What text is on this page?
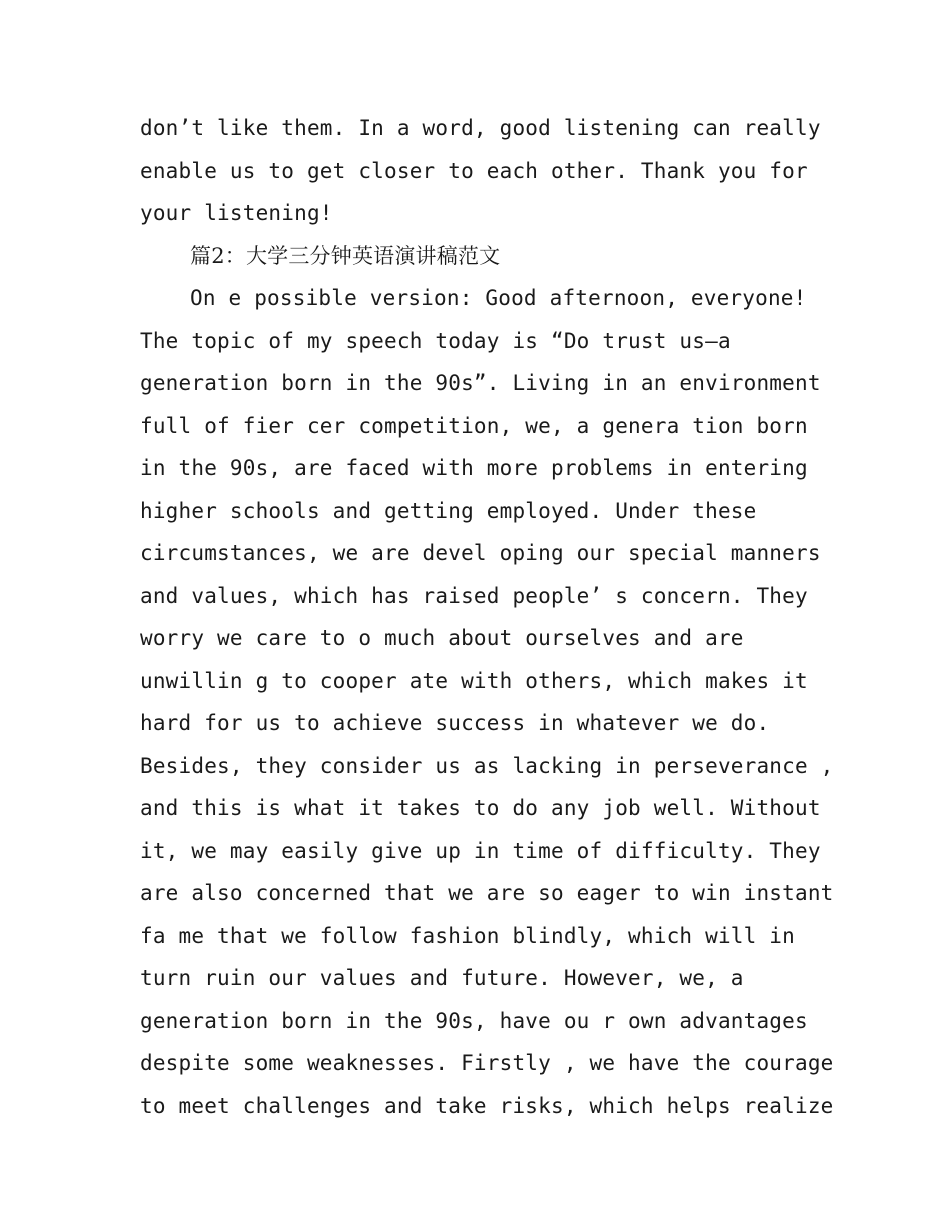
don’t like them. In a word, good listening can really
enable us to get closer to each other. Thank you for
your listening!
篇2：大学三分钟英语演讲稿范文
On e possible version: Good afternoon, everyone!
The topic of my speech today is “Do trust us—a
generation born in the 90s”. Living in an environment
full of fier cer competition, we, a genera tion born
in the 90s, are faced with more problems in entering
higher schools and getting employed. Under these
circumstances, we are devel oping our special manners
and values, which has raised people’ s concern. They
worry we care to o much about ourselves and are
unwillin g to cooper ate with others, which makes it
hard for us to achieve success in whatever we do.
Besides, they consider us as lacking in perseverance ,
and this is what it takes to do any job well. Without
it, we may easily give up in time of difficulty. They
are also concerned that we are so eager to win instant
fa me that we follow fashion blindly, which will in
turn ruin our values and future. However, we, a
generation born in the 90s, have ou r own advantages
despite some weaknesses. Firstly , we have the courage
to meet challenges and take risks, which helps realize
